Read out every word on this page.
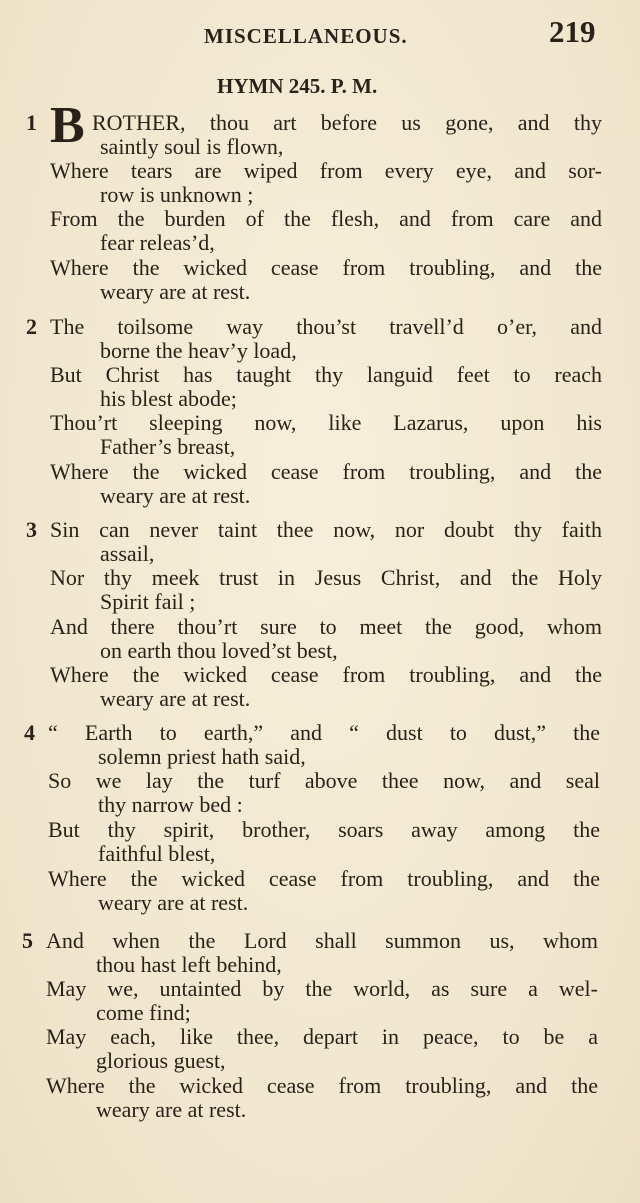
MISCELLANEOUS.	219
HYMN 245. P. M.
1 B ROTHER, thou art before us gone, and thy
saintly soul is flown,
Where tears are wiped from every eye, and sor-
row is unknown ;
From the burden of the flesh, and from care and
fear releas’d,
Where the wicked cease from troubling, and the
weary are at rest.
2 The toilsome way thou’st travell’d o’er, and
borne the heav’y load,
But Christ has taught thy languid feet to reach
his blest abode;
Thou’rt sleeping now, like Lazarus, upon his
Father’s breast,
Where the wicked cease from troubling, and the
weary are at rest.
3 Sin can never taint thee now, nor doubt thy faith
assail,
Nor thy meek trust in Jesus Christ, and the Holy
Spirit fail ;
And there thou’rt sure to meet the good, whom
on earth thou loved’st best,
Where the wicked cease from troubling, and the
weary are at rest.
4 “ Earth to earth,” and “ dust to dust,” the
solemn priest hath said,
So we lay the turf above thee now, and seal
thy narrow bed :
But thy spirit, brother, soars away among the
faithful blest,
Where the wicked cease from troubling, and the
weary are at rest.
5 And when the Lord shall summon us, whom
thou hast left behind,
May we, untainted by the world, as sure a wel-
come find;
May each, like thee, depart in peace, to be a
glorious guest,
Where the wicked cease from troubling, and the
weary are at rest.
